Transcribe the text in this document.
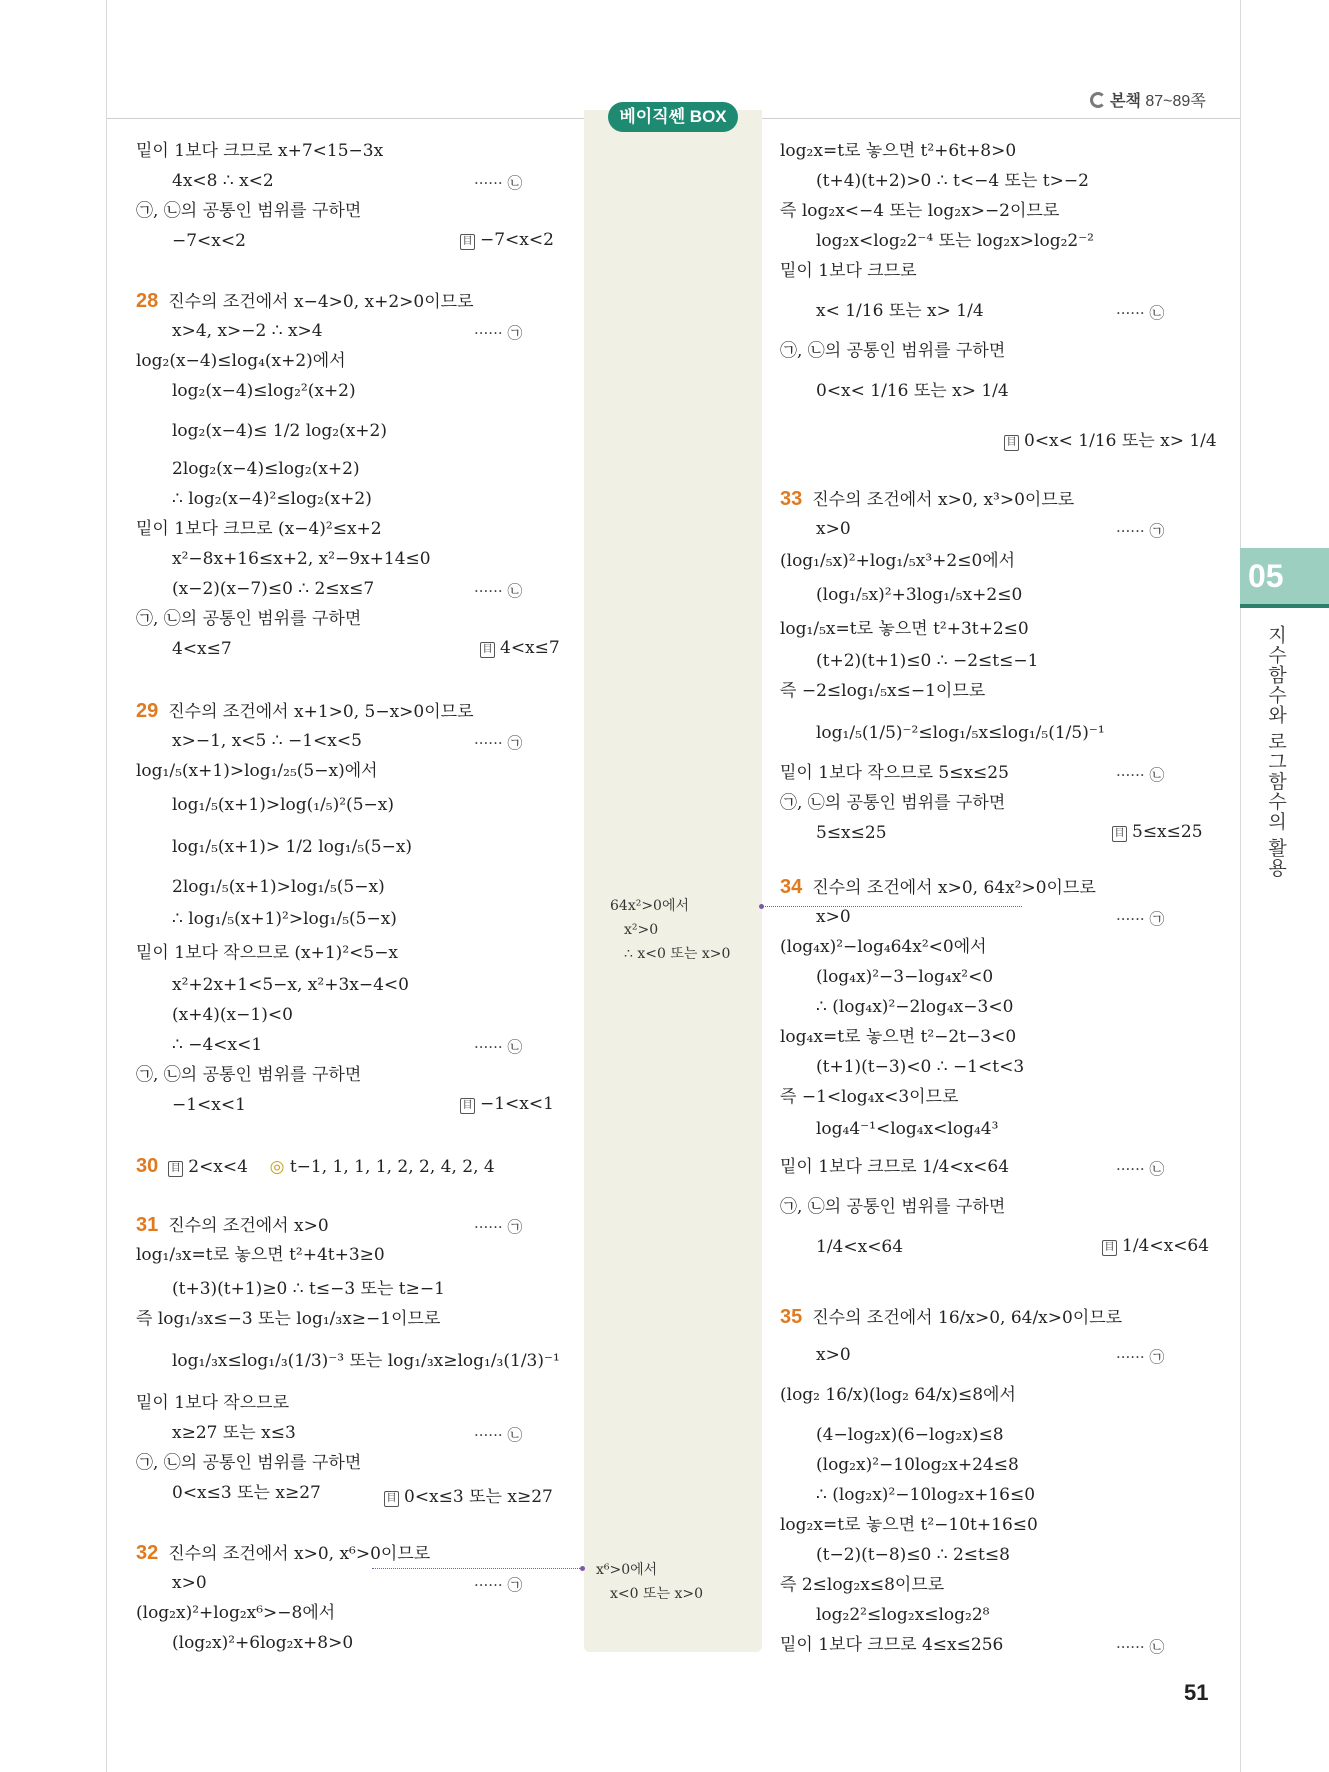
본책 87~89쪽
베이직쎈 BOX
05
지수함수와 로그함수의 활용
밑이 1보다 크므로 x+7<15−3x
4x<8 ∴ x<2	······ ㉡
㉠, ㉡의 공통인 범위를 구하면
−7<x<2	目 −7<x<2
28 진수의 조건에서 x−4>0, x+2>0이므로
x>4, x>−2 ∴ x>4	······ ㉠
log₂(x−4)≤log₄(x+2)에서
log₂(x−4)≤log₂²(x+2)
log₂(x−4)≤ 1/2 log₂(x+2)
2log₂(x−4)≤log₂(x+2)
∴ log₂(x−4)²≤log₂(x+2)
밑이 1보다 크므로 (x−4)²≤x+2
x²−8x+16≤x+2, x²−9x+14≤0
(x−2)(x−7)≤0 ∴ 2≤x≤7	······ ㉡
㉠, ㉡의 공통인 범위를 구하면
4<x≤7	目 4<x≤7
29 진수의 조건에서 x+1>0, 5−x>0이므로
x>−1, x<5 ∴ −1<x<5	······ ㉠
log₁/₅(x+1)>log₁/₂₅(5−x)에서
log₁/₅(x+1)>log(₁/₅)²(5−x)
log₁/₅(x+1)> 1/2 log₁/₅(5−x)
2log₁/₅(x+1)>log₁/₅(5−x)
∴ log₁/₅(x+1)²>log₁/₅(5−x)
밑이 1보다 작으므로 (x+1)²<5−x
x²+2x+1<5−x, x²+3x−4<0
(x+4)(x−1)<0
∴ −4<x<1	······ ㉡
㉠, ㉡의 공통인 범위를 구하면
−1<x<1	目 −1<x<1
30 目 2<x<4 ◎ t−1, 1, 1, 1, 2, 2, 4, 2, 4
31 진수의 조건에서 x>0	······ ㉠
log₁/₃x=t로 놓으면 t²+4t+3≥0
(t+3)(t+1)≥0 ∴ t≤−3 또는 t≥−1
즉 log₁/₃x≤−3 또는 log₁/₃x≥−1이므로
log₁/₃x≤log₁/₃(1/3)⁻³ 또는 log₁/₃x≥log₁/₃(1/3)⁻¹
밑이 1보다 작으므로
x≥27 또는 x≤3	······ ㉡
㉠, ㉡의 공통인 범위를 구하면
0<x≤3 또는 x≥27	目 0<x≤3 또는 x≥27
32 진수의 조건에서 x>0, x⁶>0이므로
x>0	······ ㉠
(log₂x)²+log₂x⁶>−8에서
(log₂x)²+6log₂x+8>0
64x²>0에서
x²>0
∴ x<0 또는 x>0
x⁶>0에서
x<0 또는 x>0
log₂x=t로 놓으면 t²+6t+8>0
(t+4)(t+2)>0 ∴ t<−4 또는 t>−2
즉 log₂x<−4 또는 log₂x>−2이므로
log₂x<log₂2⁻⁴ 또는 log₂x>log₂2⁻²
밑이 1보다 크므로
x< 1/16 또는 x> 1/4	······ ㉡
㉠, ㉡의 공통인 범위를 구하면
0<x< 1/16 또는 x> 1/4
目 0<x< 1/16 또는 x> 1/4
33 진수의 조건에서 x>0, x³>0이므로
x>0	······ ㉠
(log₁/₅x)²+log₁/₅x³+2≤0에서
(log₁/₅x)²+3log₁/₅x+2≤0
log₁/₅x=t로 놓으면 t²+3t+2≤0
(t+2)(t+1)≤0 ∴ −2≤t≤−1
즉 −2≤log₁/₅x≤−1이므로
log₁/₅(1/5)⁻²≤log₁/₅x≤log₁/₅(1/5)⁻¹
밑이 1보다 작으므로 5≤x≤25	······ ㉡
㉠, ㉡의 공통인 범위를 구하면
5≤x≤25	目 5≤x≤25
34 진수의 조건에서 x>0, 64x²>0이므로
x>0	······ ㉠
(log₄x)²−log₄64x²<0에서
(log₄x)²−3−log₄x²<0
∴ (log₄x)²−2log₄x−3<0
log₄x=t로 놓으면 t²−2t−3<0
(t+1)(t−3)<0 ∴ −1<t<3
즉 −1<log₄x<3이므로
log₄4⁻¹<log₄x<log₄4³
밑이 1보다 크므로 1/4<x<64	······ ㉡
㉠, ㉡의 공통인 범위를 구하면
1/4<x<64	目 1/4<x<64
35 진수의 조건에서 16/x>0, 64/x>0이므로
x>0	······ ㉠
(log₂ 16/x)(log₂ 64/x)≤8에서
(4−log₂x)(6−log₂x)≤8
(log₂x)²−10log₂x+24≤8
∴ (log₂x)²−10log₂x+16≤0
log₂x=t로 놓으면 t²−10t+16≤0
(t−2)(t−8)≤0 ∴ 2≤t≤8
즉 2≤log₂x≤8이므로
log₂2²≤log₂x≤log₂2⁸
밑이 1보다 크므로 4≤x≤256	······ ㉡
51
